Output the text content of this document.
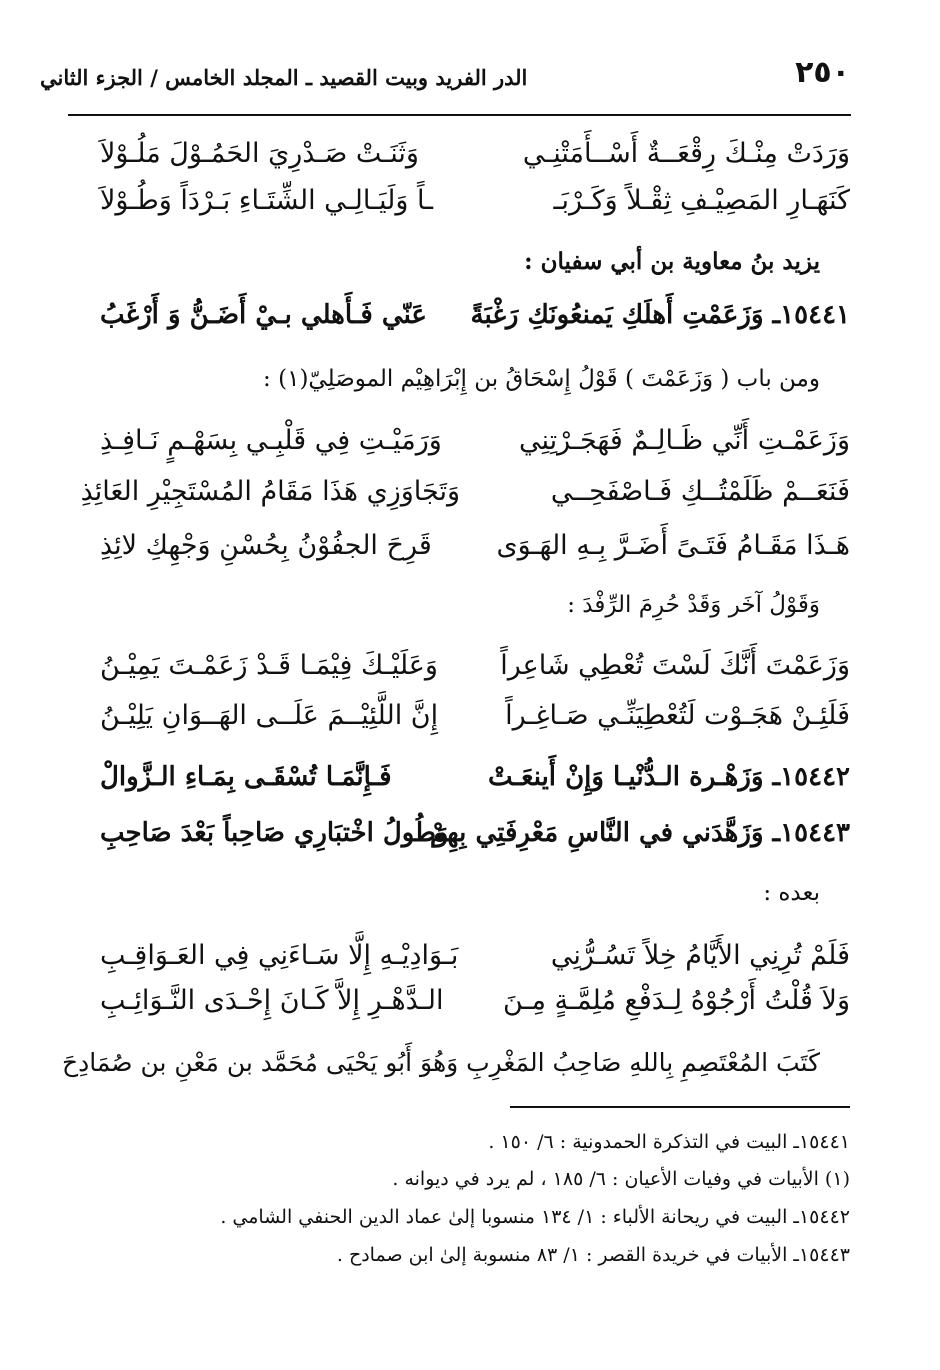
٢٥٠
الدر الفريد وبيت القصيد ـ المجلد الخامس / الجزء الثاني
وَرَدَتْ مِنْـكَ رِقْعَــةٌ أَسْــأَمَتْنِـي
وَثَنَـتْ صَـدْرِيَ الحَمُـوْلَ مَلُـوْلاَ
كَنَهَـارِ المَصِيْـفِ ثِقْـلاً وَكَـرْبَـ
ـاً وَلَيَـالِـي الشِّتَـاءِ بَـرْدَاً وَطُـوْلاَ
يزيد بنُ معاوية بن أبي سفيان :
١٥٤٤١ـ وَزَعَمْتِ أَهلَكِ يَمنعُونَكِ رَغْبَةً
عَنّي فَـأَهلي بـيْ أَضَـنُّ وَ أَرْغَبُ
ومن باب ( وَزَعَمْتَ ) قَوْلُ إِسْحَاقُ بن إِبْرَاهِيْم الموصَلِيّ(١) :
وَزَعَمْـتِ أَنِّي ظَـالِـمٌ فَهَجَـرْتِنِي
وَرَمَيْـتِ فِي قَلْبِـي بِسَهْـمٍ نَـافِـذِ
فَنَعَــمْ ظَلَمْتُــكِ فَـاصْفَحِــي
وَتَجَاوَزِي هَذَا مَقَامُ المُسْتَجِيْرِ العَائِذِ
هَـذَا مَقَـامُ فَتَـىً أَضَـرَّ بِـهِ الهَـوَى
قَرِحَ الجفُوْنُ بِحُسْنِ وَجْهِكِ لائِذِ
وَقَوْلُ آخَر وَقَدْ حُرِمَ الرِّفْدَ :
وَزَعَمْتَ أَنَّكَ لَسْتَ تُعْطِي شَاعِراً
وَعَلَيْـكَ فِيْمَـا قَـدْ زَعَمْـتَ يَمِيْـنُ
فَلَئِـنْ هَجَـوْت لَتُعْطِيَنِّـي صَـاغِـراً
إِنَّ اللَّئِيْــمَ عَلَــى الهَــوَانِ يَلِيْـنُ
١٥٤٤٢ـ وَزَهْـرة الـدُّنْيـا وَإِنْ أَينعَـتْ
فَـإِنَّمَـا تُسْقَـى بِمَـاءِ الـزَّوالْ
١٥٤٤٣ـ وَزَهَّدَني في النَّاسِ مَعْرِفَتِي بِهِمْ
وَطُولُ اخْتبَارِي صَاحِباً بَعْدَ صَاحِبِ
بعده :
فَلَمْ تُرِنِي الأَيَّامُ خِلاً تَسُـرُّنِي
بَـوَادِيْـهِ إِلَّا سَـاءَنِي فِي العَـوَاقِـبِ
وَلاَ قُلْتُ أَرْجُوْهُ لِـدَفْعِ مُلِمَّـةٍ مِـنَ
الـدَّهْـرِ إِلاَّ كَـانَ إِحْـدَى النَّـوَائِـبِ
كَتَبَ المُعْتَصِمِ بِاللهِ صَاحِبُ المَغْرِبِ وَهُوَ أَبُو يَحْيَى مُحَمَّد بن مَعْنِ بن صُمَادِحَ
١٥٤٤١ـ البيت في التذكرة الحمدونية : ٦/ ١٥٠ .
(١) الأبيات في وفيات الأعيان : ٦/ ١٨٥ ، لم يرد في ديوانه .
١٥٤٤٢ـ البيت في ريحانة الألباء : ١/ ١٣٤ منسوبا إلىٰ عماد الدين الحنفي الشامي .
١٥٤٤٣ـ الأبيات في خريدة القصر : ١/ ٨٣ منسوبة إلىٰ ابن صمادح .
